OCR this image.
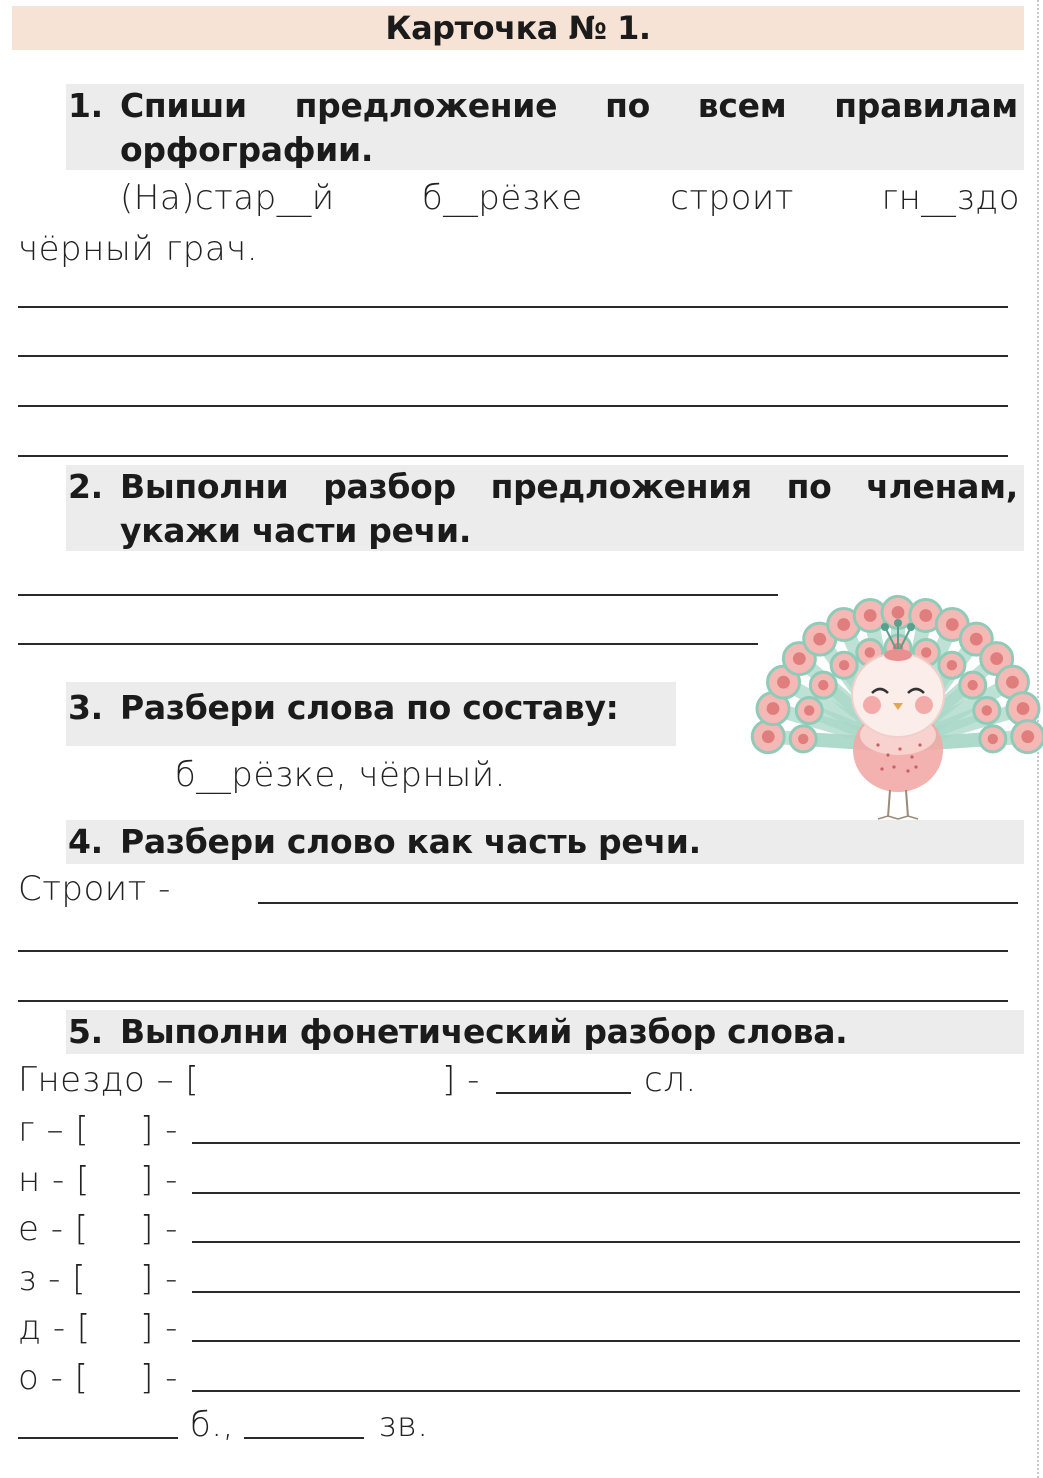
Карточка № 1.
1. Спиши предложение по всем правилам
орфографии.
(На)стар__й б__рёзке строит гн__здо
чёрный грач.
2. Выполни разбор предложения по членам,
укажи части речи.
3. Разбери слова по составу:
б__рёзке, чёрный.
4. Разбери слово как часть речи.
Строит -
5. Выполни фонетический разбор слова.
Гнездо – [	] -	сл.
г – [ ] -
н - [ ] -
е - [ ] -
з - [ ] -
д - [ ] -
о - [ ] -
б.,	зв.
